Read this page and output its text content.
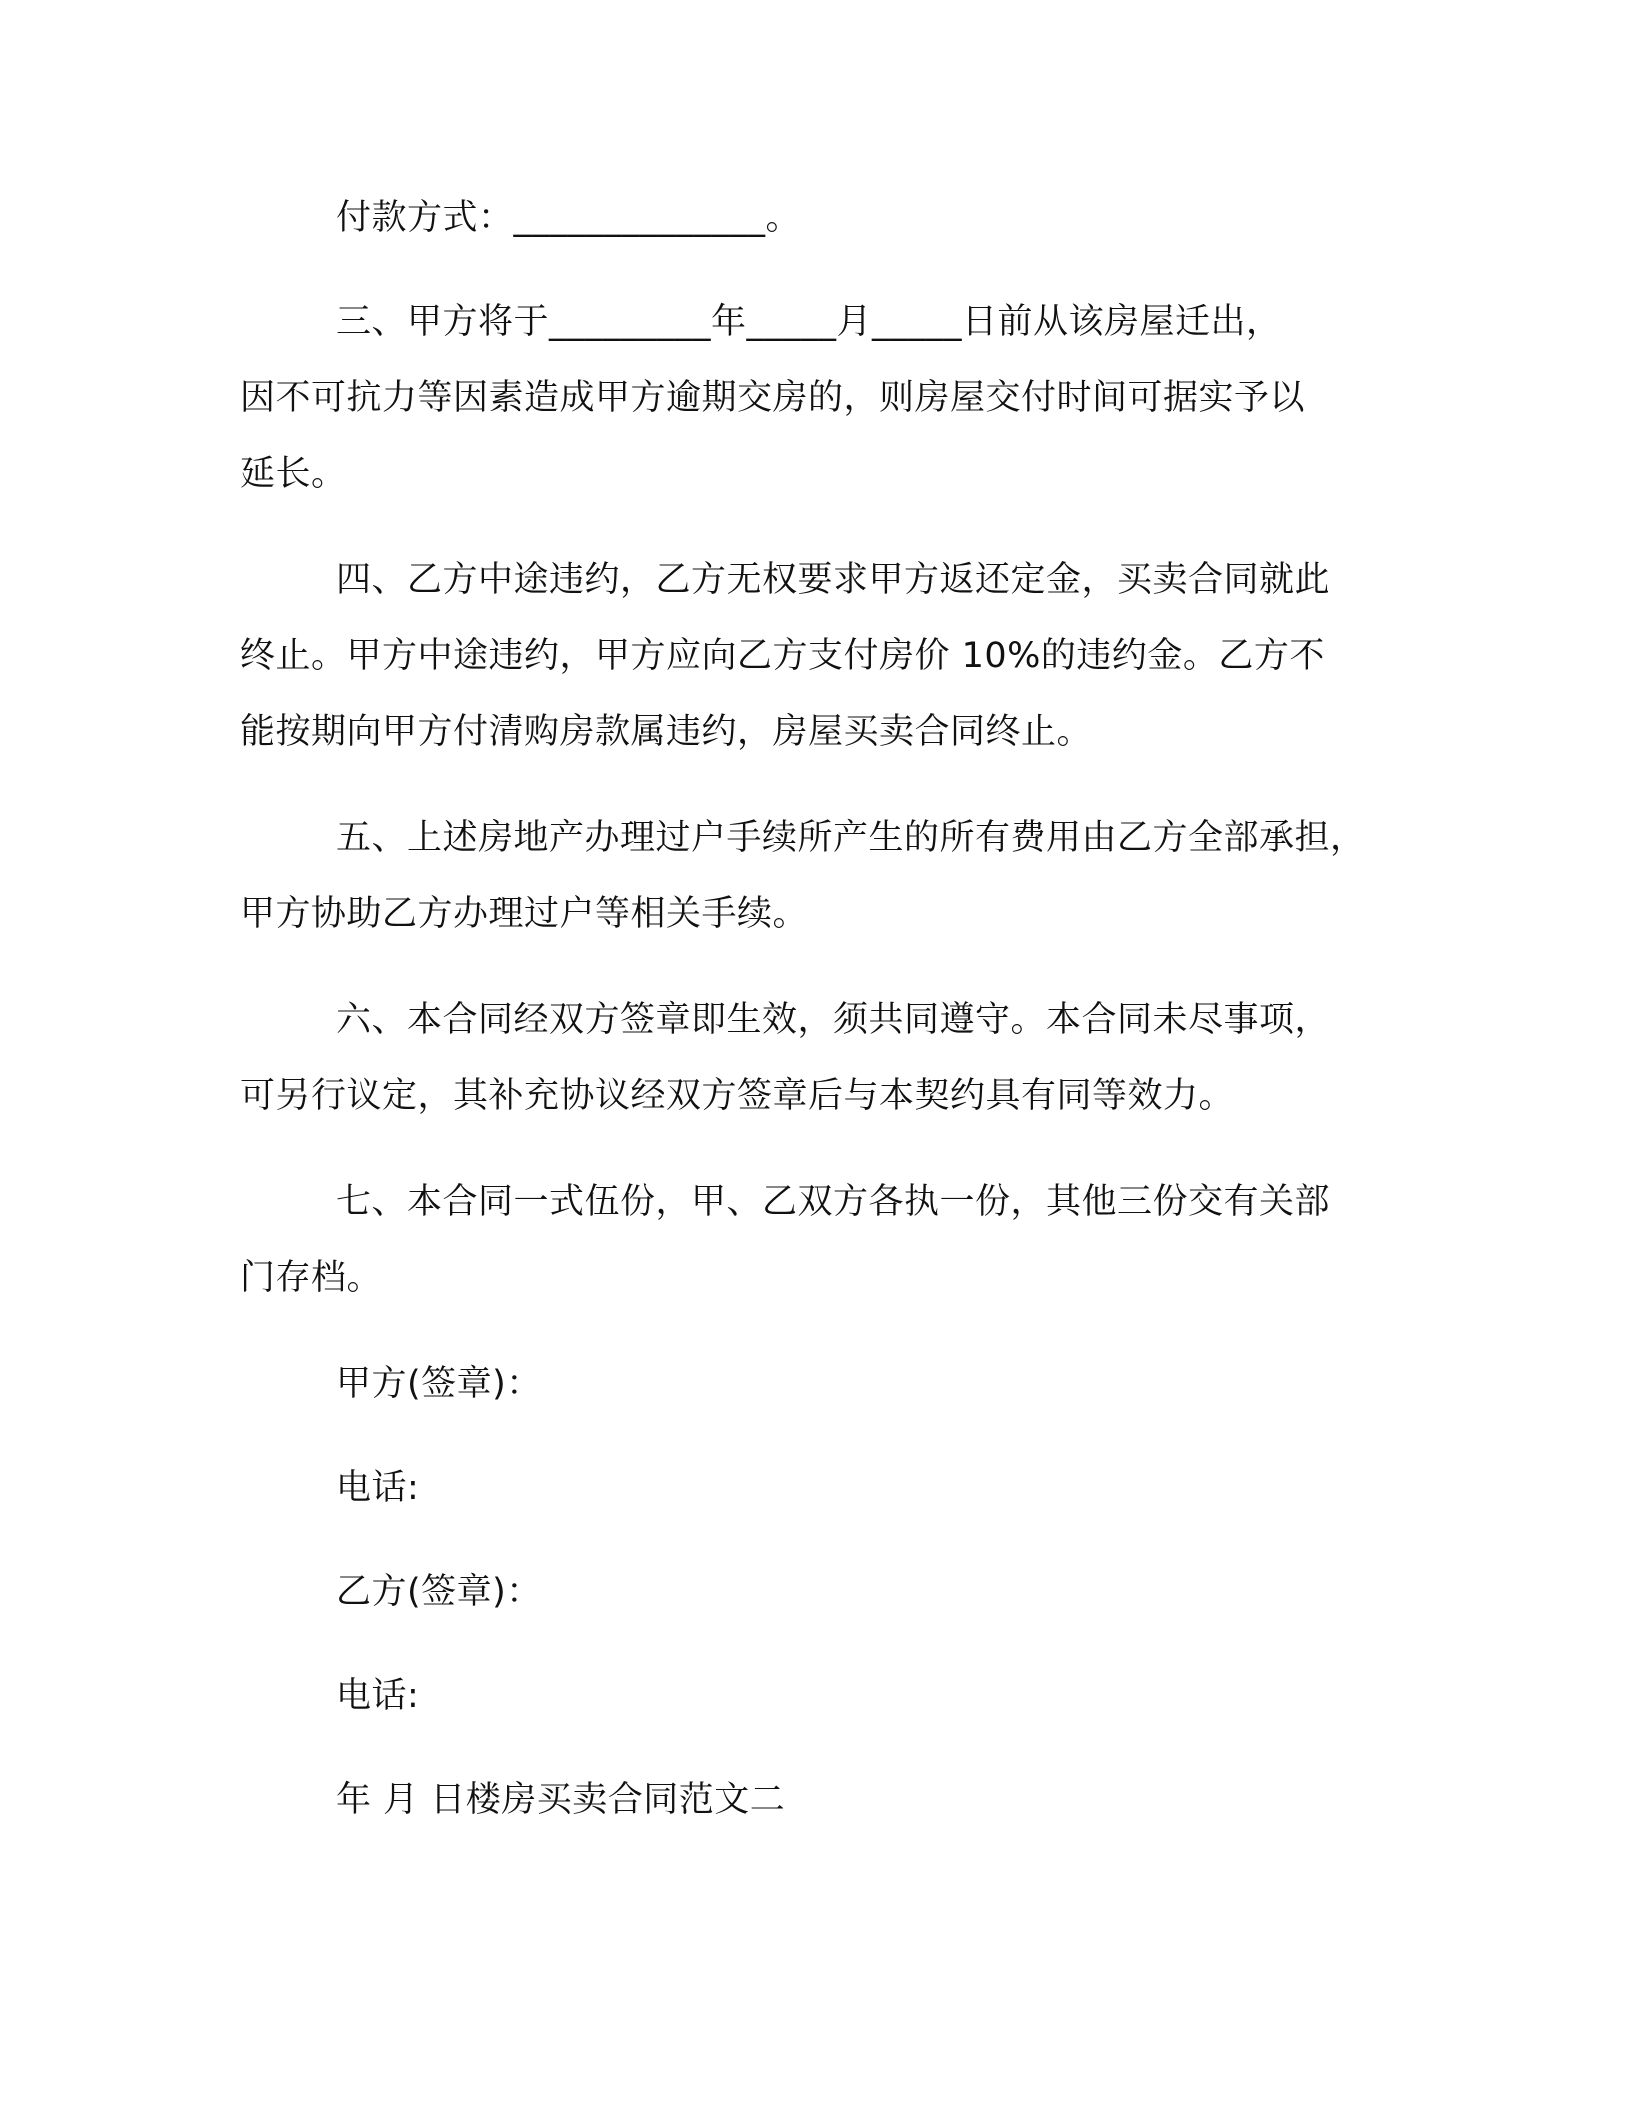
付款方式：______________。
三、甲方将于_________年_____月_____日前从该房屋迁出，
因不可抗力等因素造成甲方逾期交房的，则房屋交付时间可据实予以
延长。
四、乙方中途违约，乙方无权要求甲方返还定金，买卖合同就此
终止。甲方中途违约，甲方应向乙方支付房价 10%的违约金。乙方不
能按期向甲方付清购房款属违约，房屋买卖合同终止。
五、上述房地产办理过户手续所产生的所有费用由乙方全部承担，
甲方协助乙方办理过户等相关手续。
六、本合同经双方签章即生效，须共同遵守。本合同未尽事项，
可另行议定，其补充协议经双方签章后与本契约具有同等效力。
七、本合同一式伍份，甲、乙双方各执一份，其他三份交有关部
门存档。
甲方(签章)：
电话:
乙方(签章)：
电话:
年 月 日楼房买卖合同范文二
